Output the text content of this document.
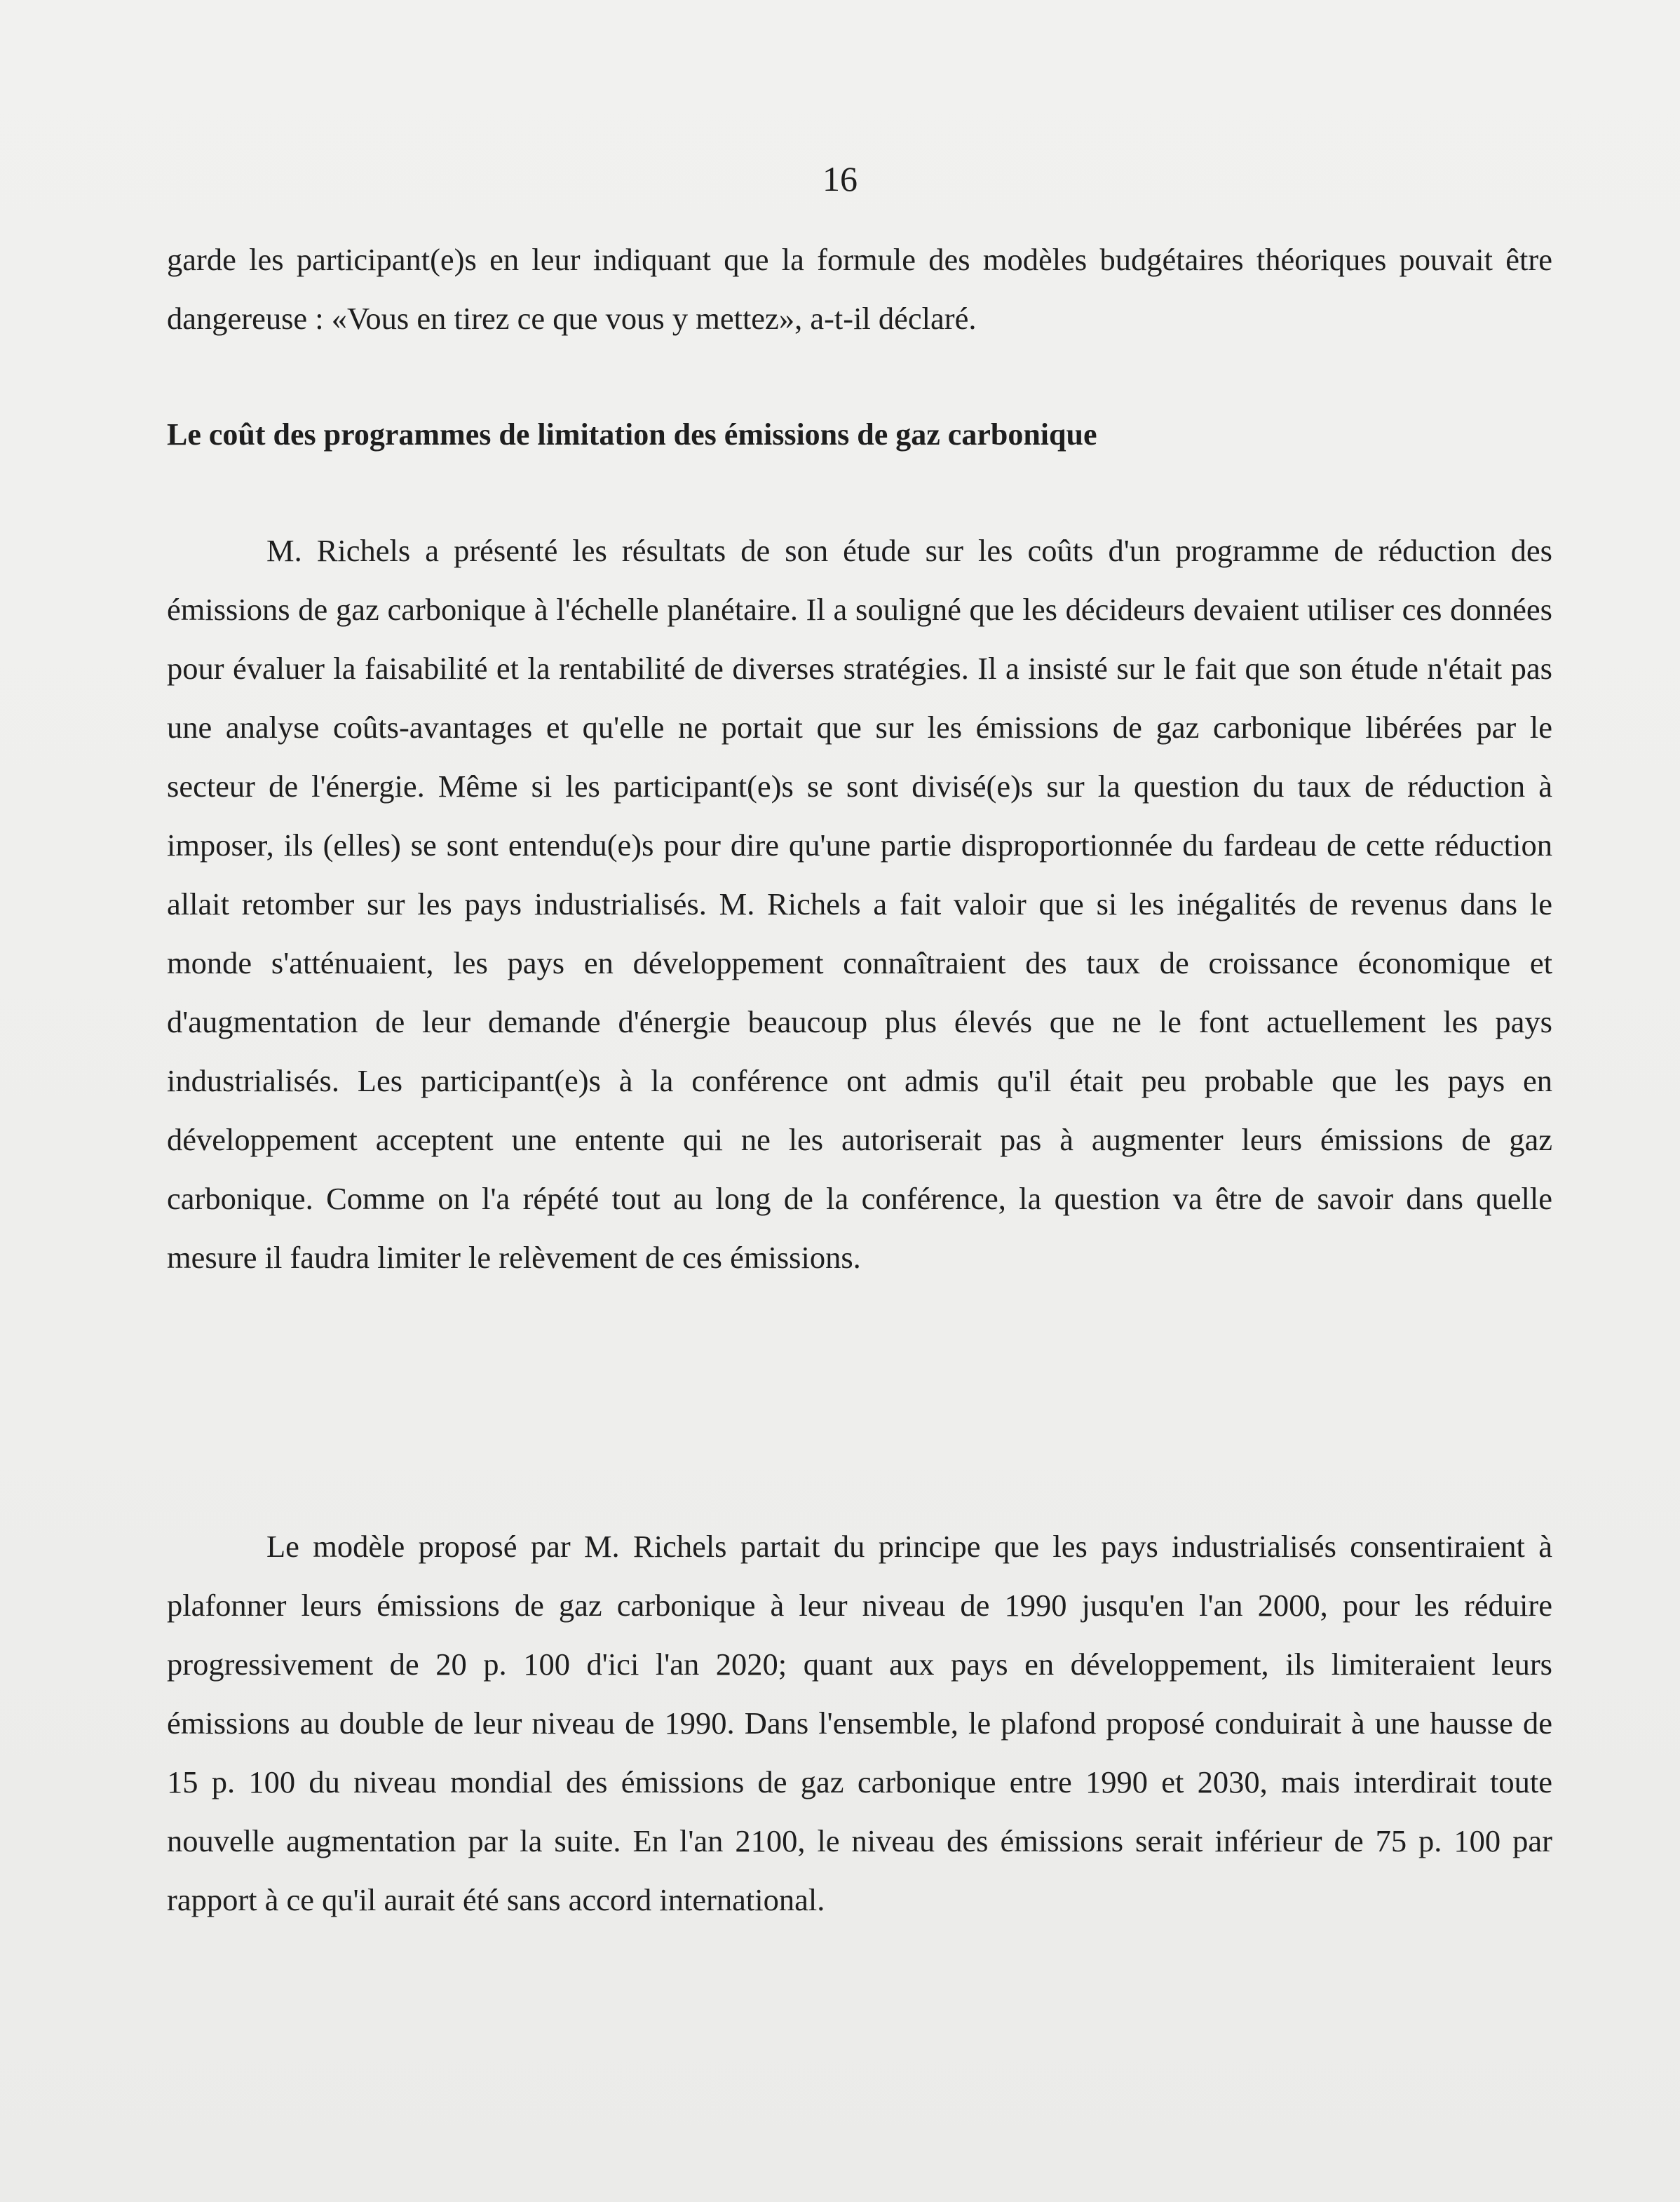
16

garde les participant(e)s en leur indiquant que la formule des modèles budgétaires théoriques pouvait être dangereuse : «Vous en tirez ce que vous y mettez», a-t-il déclaré.

Le coût des programmes de limitation des émissions de gaz carbonique

M. Richels a présenté les résultats de son étude sur les coûts d'un programme de réduction des émissions de gaz carbonique à l'échelle planétaire. Il a souligné que les décideurs devaient utiliser ces données pour évaluer la faisabilité et la rentabilité de diverses stratégies. Il a insisté sur le fait que son étude n'était pas une analyse coûts-avantages et qu'elle ne portait que sur les émissions de gaz carbonique libérées par le secteur de l'énergie. Même si les participant(e)s se sont divisé(e)s sur la question du taux de réduction à imposer, ils (elles) se sont entendu(e)s pour dire qu'une partie disproportionnée du fardeau de cette réduction allait retomber sur les pays industrialisés. M. Richels a fait valoir que si les inégalités de revenus dans le monde s'atténuaient, les pays en développement connaîtraient des taux de croissance économique et d'augmentation de leur demande d'énergie beaucoup plus élevés que ne le font actuellement les pays industrialisés. Les participant(e)s à la conférence ont admis qu'il était peu probable que les pays en développement acceptent une entente qui ne les autoriserait pas à augmenter leurs émissions de gaz carbonique. Comme on l'a répété tout au long de la conférence, la question va être de savoir dans quelle mesure il faudra limiter le relèvement de ces émissions.

Le modèle proposé par M. Richels partait du principe que les pays industrialisés consentiraient à plafonner leurs émissions de gaz carbonique à leur niveau de 1990 jusqu'en l'an 2000, pour les réduire progressivement de 20 p. 100 d'ici l'an 2020; quant aux pays en développement, ils limiteraient leurs émissions au double de leur niveau de 1990. Dans l'ensemble, le plafond proposé conduirait à une hausse de 15 p. 100 du niveau mondial des émissions de gaz carbonique entre 1990 et 2030, mais interdirait toute nouvelle augmentation par la suite. En l'an 2100, le niveau des émissions serait inférieur de 75 p. 100 par rapport à ce qu'il aurait été sans accord international.
